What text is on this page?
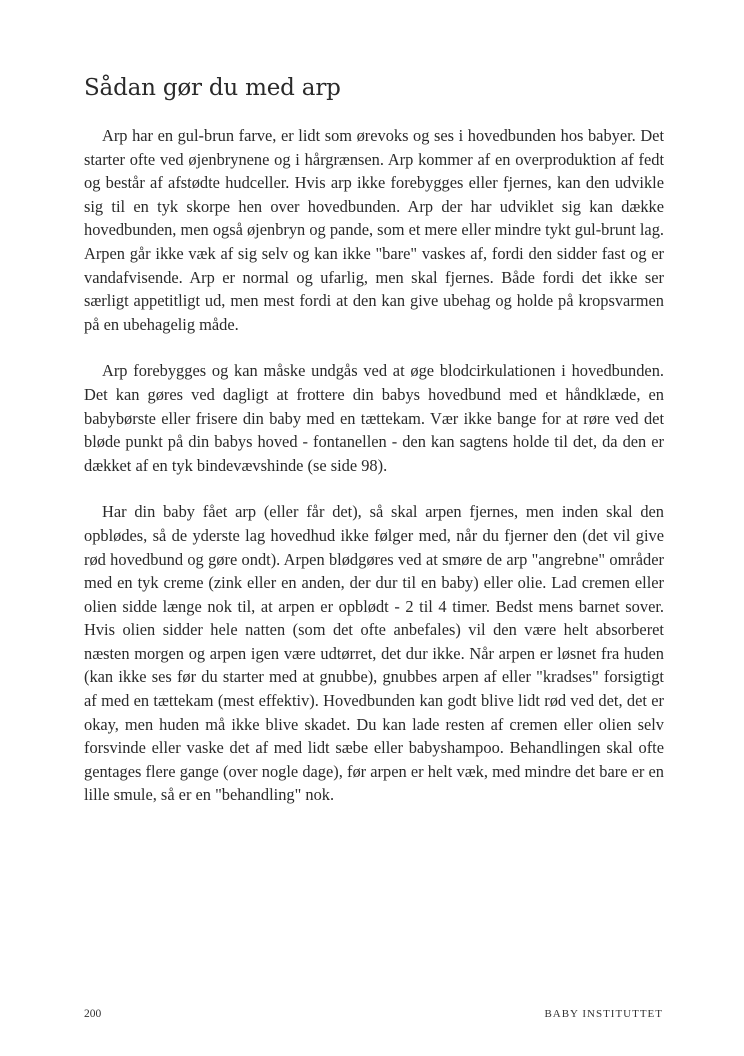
Sådan gør du med arp

Arp har en gul-brun farve, er lidt som ørevoks og ses i hovedbunden hos babyer. Det starter ofte ved øjenbrynene og i hårgrænsen. Arp kommer af en overproduktion af fedt og består af afstødte hudceller. Hvis arp ikke forebygges eller fjernes, kan den udvikle sig til en tyk skorpe hen over hovedbunden. Arp der har udviklet sig kan dække hovedbunden, men også øjenbryn og pande, som et mere eller mindre tykt gul-brunt lag. Arpen går ikke væk af sig selv og kan ikke "bare" vaskes af, fordi den sidder fast og er vandafvisende. Arp er normal og ufarlig, men skal fjernes. Både fordi det ikke ser særligt appetitligt ud, men mest fordi at den kan give ubehag og holde på kropsvarmen på en ubehagelig måde.

Arp forebygges og kan måske undgås ved at øge blodcirkulationen i hovedbunden. Det kan gøres ved dagligt at frottere din babys hovedbund med et håndklæde, en babybørste eller frisere din baby med en tættekam. Vær ikke bange for at røre ved det bløde punkt på din babys hoved - fontanellen - den kan sagtens holde til det, da den er dækket af en tyk bindevævshinde (se side 98).

Har din baby fået arp (eller får det), så skal arpen fjernes, men inden skal den opblødes, så de yderste lag hovedhud ikke følger med, når du fjerner den (det vil give rød hovedbund og gøre ondt). Arpen blødgøres ved at smøre de arp "angrebne" områder med en tyk creme (zink eller en anden, der dur til en baby) eller olie. Lad cremen eller olien sidde længe nok til, at arpen er opblødt - 2 til 4 timer. Bedst mens barnet sover. Hvis olien sidder hele natten (som det ofte anbefales) vil den være helt absorberet næsten morgen og arpen igen være udtørret, det dur ikke. Når arpen er løsnet fra huden (kan ikke ses før du starter med at gnubbe), gnubbes arpen af eller "kradses" forsigtigt af med en tættekam (mest effektiv). Hovedbunden kan godt blive lidt rød ved det, det er okay, men huden må ikke blive skadet. Du kan lade resten af cremen eller olien selv forsvinde eller vaske det af med lidt sæbe eller babyshampoo. Behandlingen skal ofte gentages flere gange (over nogle dage), før arpen er helt væk, med mindre det bare er en lille smule, så er en "behandling" nok.

200	BABY INSTITUTTET
